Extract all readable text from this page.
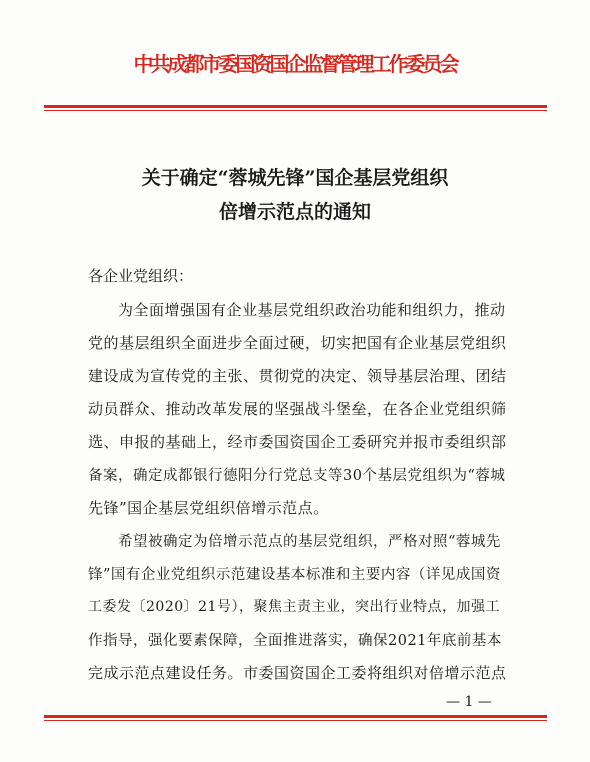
中共成都市委国资国企监督管理工作委员会
关于确定“蓉城先锋”国企基层党组织
倍增示范点的通知
各企业党组织：
为全面增强国有企业基层党组织政治功能和组织力，推动
党的基层组织全面进步全面过硬，切实把国有企业基层党组织
建设成为宣传党的主张、贯彻党的决定、领导基层治理、团结
动员群众、推动改革发展的坚强战斗堡垒，在各企业党组织筛
选、申报的基础上，经市委国资国企工委研究并报市委组织部
备案，确定成都银行德阳分行党总支等30个基层党组织为“蓉城
先锋”国企基层党组织倍增示范点。
希望被确定为倍增示范点的基层党组织，严格对照“蓉城先
锋”国有企业党组织示范建设基本标准和主要内容（详见成国资
工委发〔2020〕21号），聚焦主责主业，突出行业特点，加强工
作指导，强化要素保障，全面推进落实，确保2021年底前基本
完成示范点建设任务。市委国资国企工委将组织对倍增示范点
— 1 —
